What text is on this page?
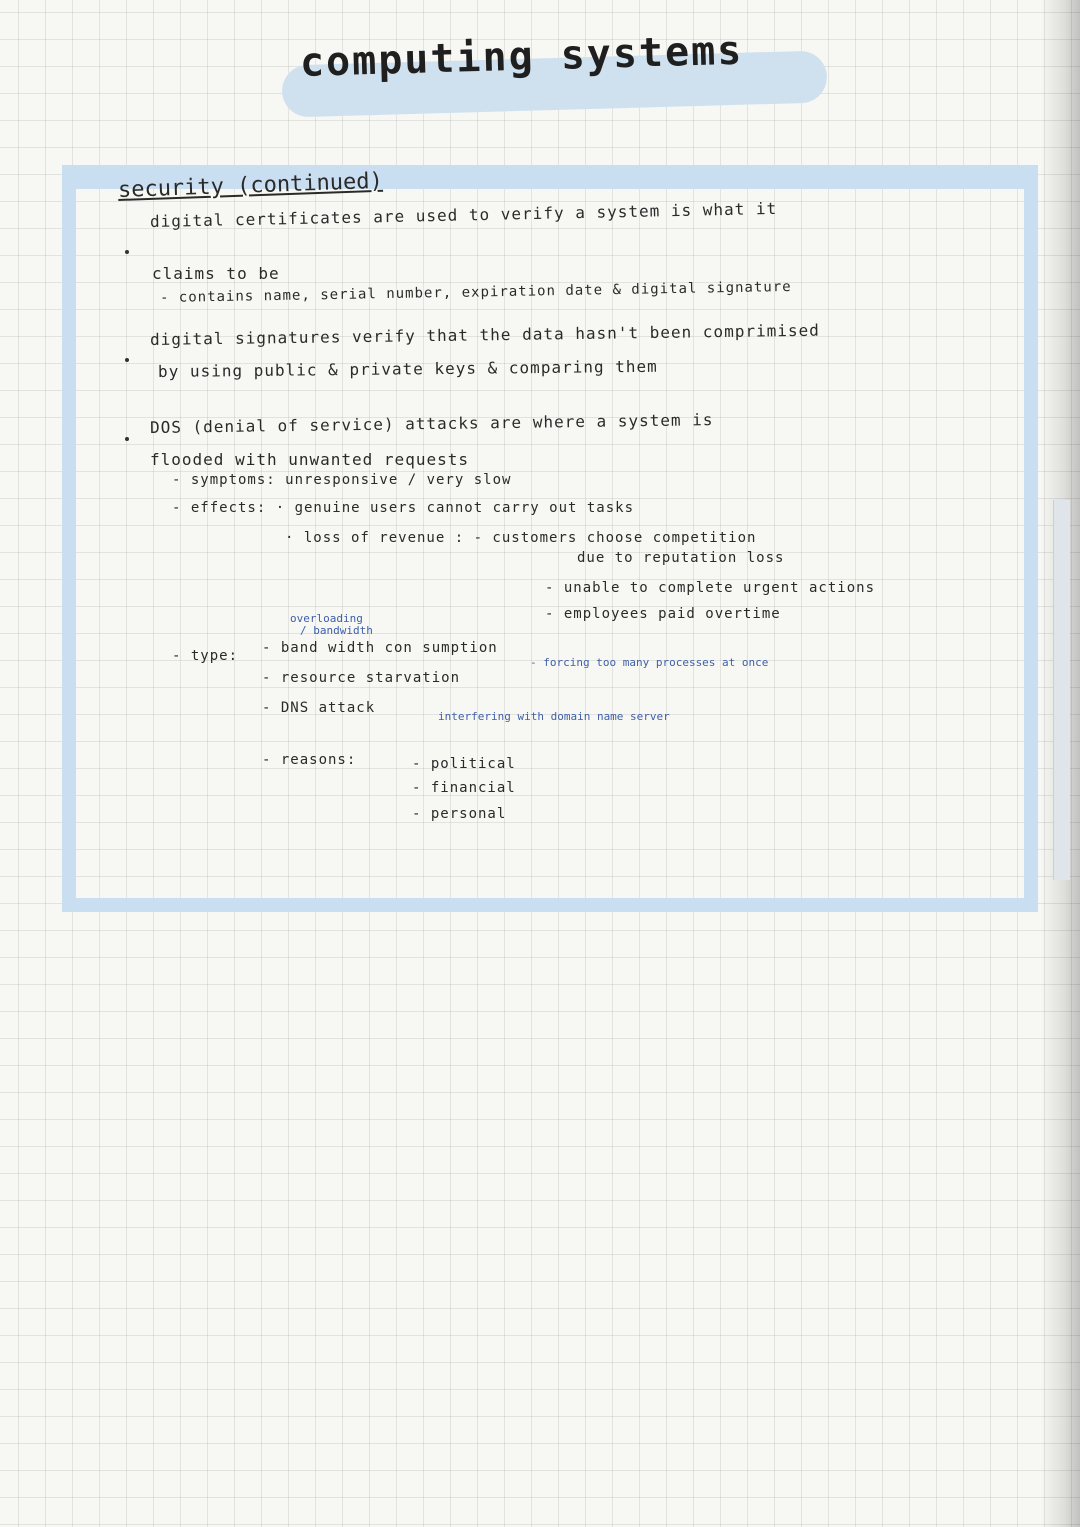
computing systems
security (continued)
digital certificates are used to verify a system is what it
claims to be
- contains name, serial number, expiration date & digital signature
digital signatures verify that the data hasn't been comprimised
by using public & private keys & comparing them
DOS (denial of service) attacks are where a system is
flooded with unwanted requests
- symptoms: unresponsive / very slow
- effects: · genuine users cannot carry out tasks
· loss of revenue : - customers choose competition
due to reputation loss
- unable to complete urgent actions
- employees paid overtime
overloading
/ bandwidth
- type: - band width con sumption
- resource starvation
- forcing too many processes at once
- DNS attack
interfering with domain name server
- reasons:	- political
- financial
- personal
